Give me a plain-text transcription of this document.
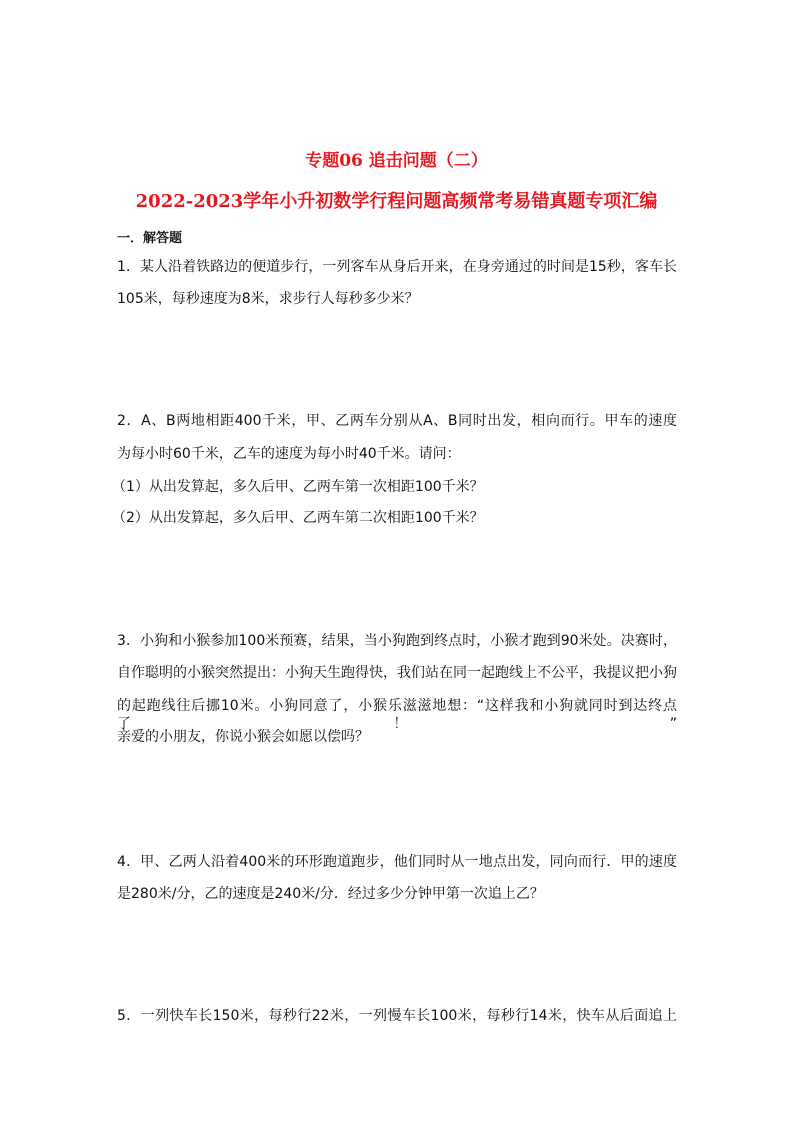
专题06 追击问题（二）
2022-2023学年小升初数学行程问题高频常考易错真题专项汇编
一．解答题
1．某人沿着铁路边的便道步行，一列客车从身后开来，在身旁通过的时间是15秒，客车长
105米，每秒速度为8米，求步行人每秒多少米？
2．A、B两地相距400千米，甲、乙两车分别从A、B同时出发，相向而行。甲车的速度
为每小时60千米，乙车的速度为每小时40千米。请问：
（1）从出发算起，多久后甲、乙两车第一次相距100千米？
（2）从出发算起，多久后甲、乙两车第二次相距100千米？
3．小狗和小猴参加100米预赛，结果，当小狗跑到终点时，小猴才跑到90米处。决赛时，
自作聪明的小猴突然提出：小狗天生跑得快，我们站在同一起跑线上不公平，我提议把小狗
的起跑线往后挪10米。小狗同意了，小猴乐滋滋地想：“这样我和小狗就同时到达终点了！”
亲爱的小朋友，你说小猴会如愿以偿吗？
4．甲、乙两人沿着400米的环形跑道跑步，他们同时从一地点出发，同向而行．甲的速度
是280米/分，乙的速度是240米/分．经过多少分钟甲第一次追上乙？
5．一列快车长150米，每秒行22米，一列慢车长100米，每秒行14米，快车从后面追上
